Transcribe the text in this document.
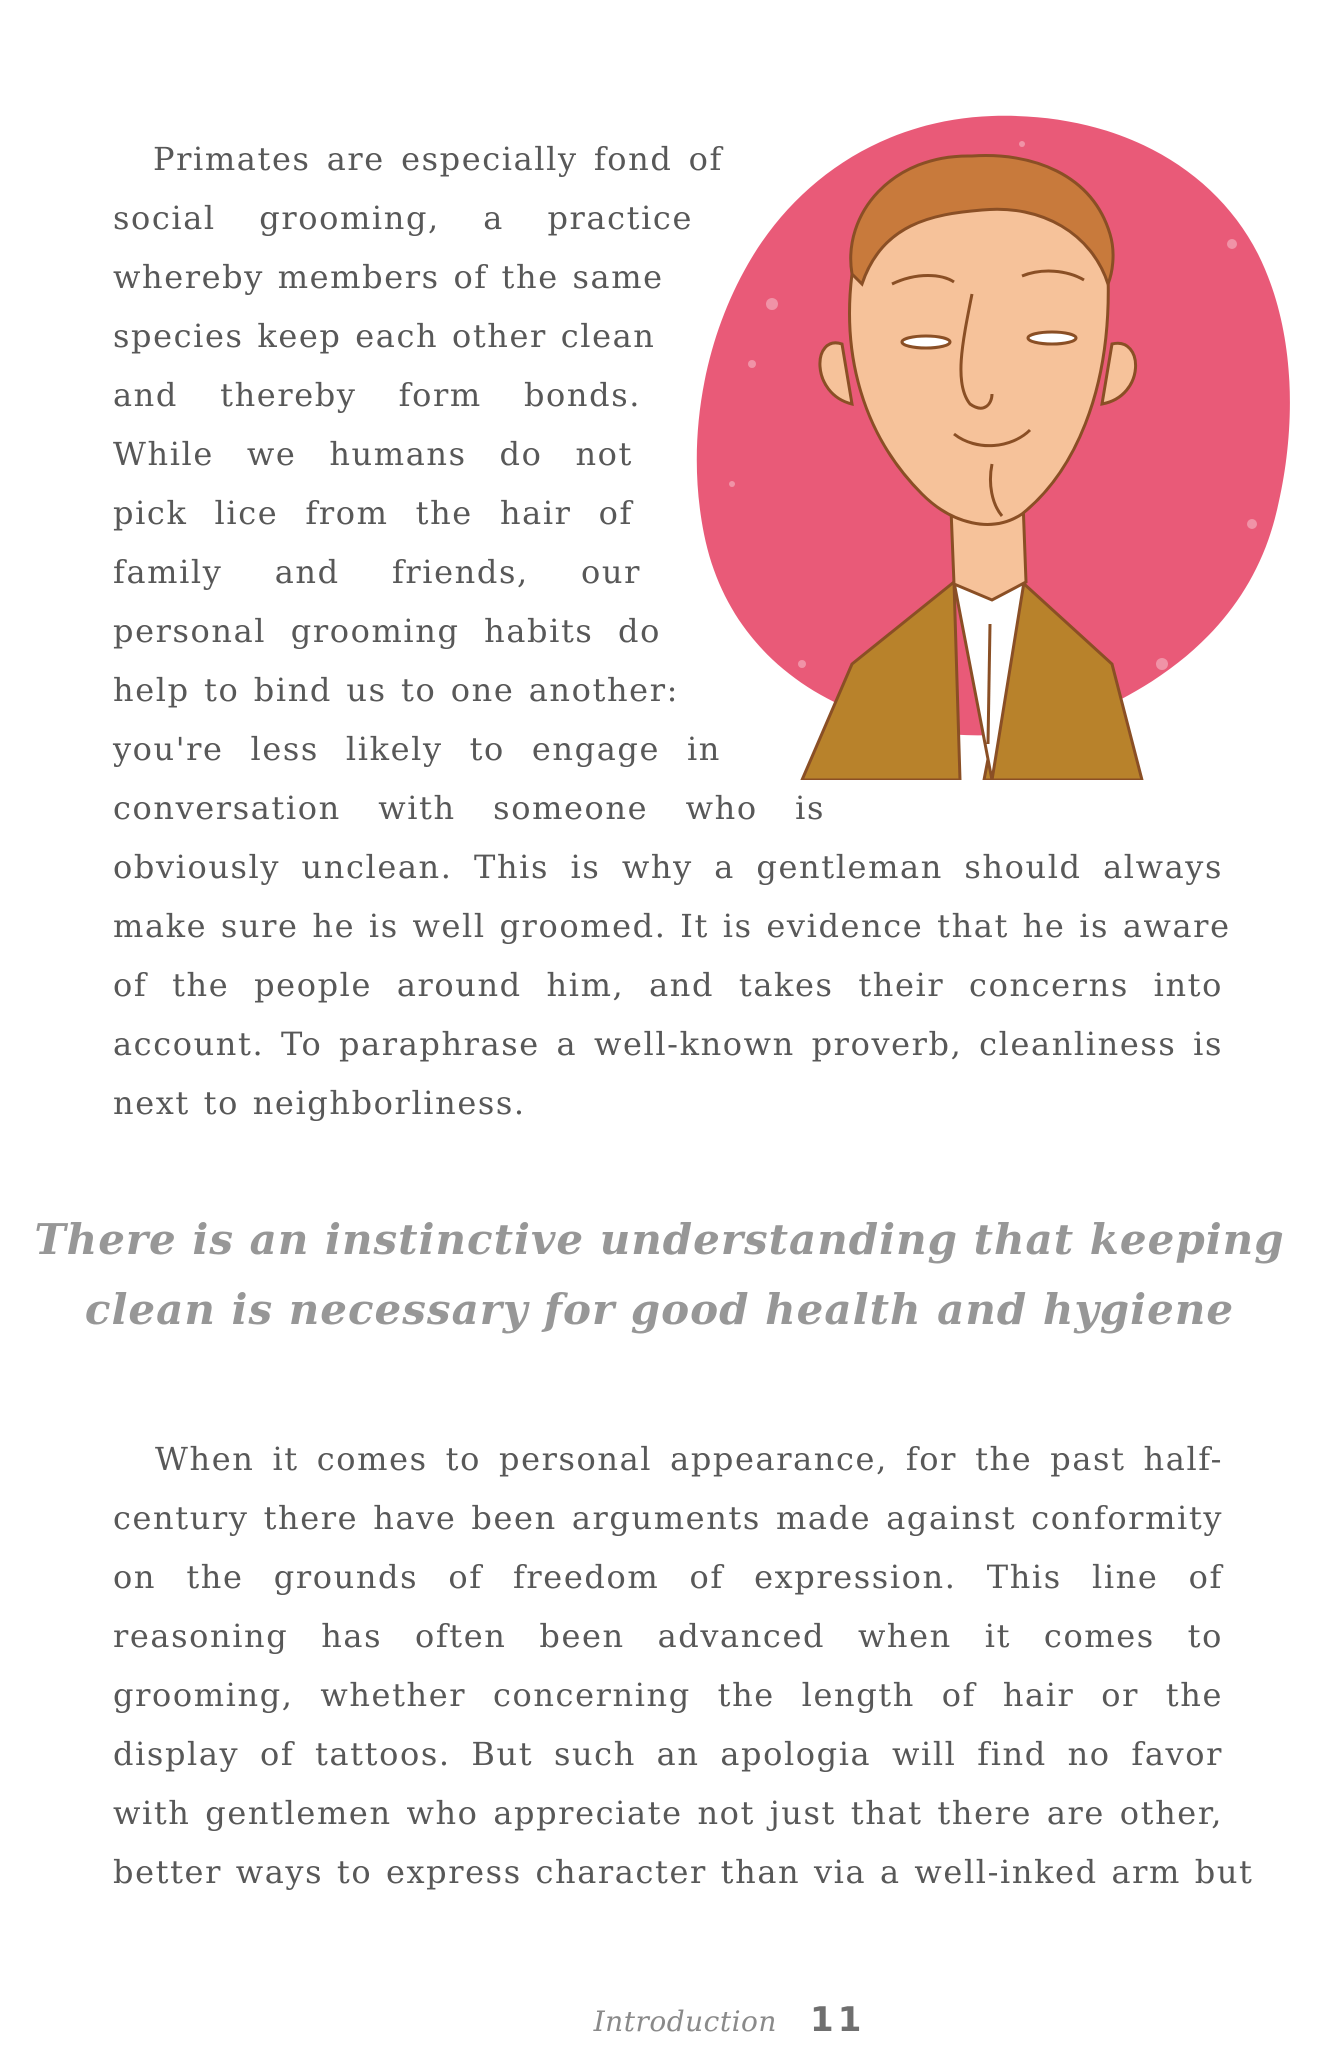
Primates are especially fond of

social grooming, a practice

whereby members of the same

species keep each other clean

and thereby form bonds.

While we humans do not

pick lice from the hair of

family and friends, our

personal grooming habits do

help to bind us to one another:

you're less likely to engage in

conversation with someone who is

obviously unclean. This is why a gentleman should always

make sure he is well groomed. It is evidence that he is aware

of the people around him, and takes their concerns into

account. To paraphrase a well-known proverb, cleanliness is

next to neighborliness.

There is an instinctive understanding that keeping
clean is necessary for good health and hygiene

When it comes to personal appearance, for the past half-

century there have been arguments made against conformity

on the grounds of freedom of expression. This line of

reasoning has often been advanced when it comes to

grooming, whether concerning the length of hair or the

display of tattoos. But such an apologia will find no favor

with gentlemen who appreciate not just that there are other,

better ways to express character than via a well-inked arm but

Introduction 11
